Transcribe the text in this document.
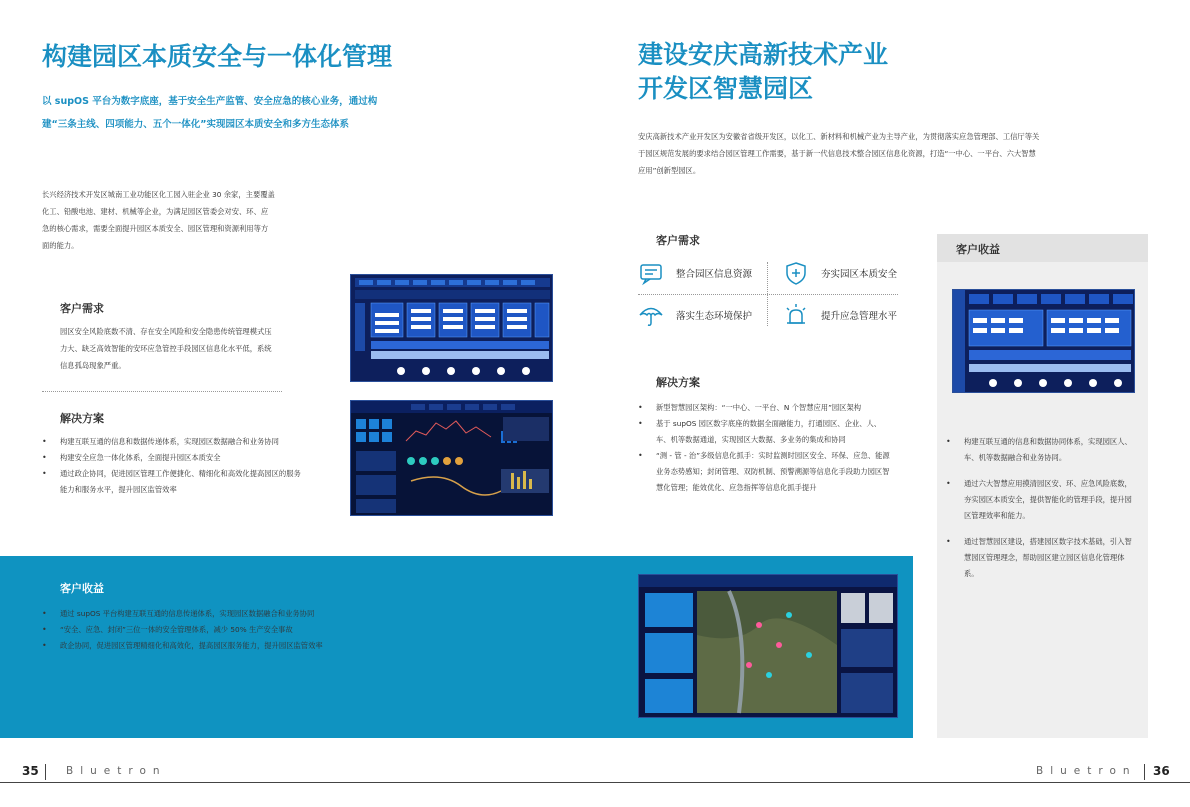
构建园区本质安全与一体化管理
以 supOS 平台为数字底座，基于安全生产监管、安全应急的核心业务，通过构
建“三条主线、四项能力、五个一体化”实现园区本质安全和多方生态体系
长兴经济技术开发区城南工业功能区化工园入驻企业 30 余家，主要覆盖
化工、铅酸电池、建材、机械等企业，为满足园区管委会对安、环、应
急的核心需求，需要全面提升园区本质安全、园区管理和资源利用等方
面的能力。
客户需求
园区安全风险底数不清、存在安全风险和安全隐患传统管理模式压
力大、缺乏高效智能的安环应急管控手段园区信息化水平低，系统
信息孤岛现象严重。
解决方案
• 构建互联互通的信息和数据传递体系，实现园区数据融合和业务协同
• 构建安全应急一体化体系，全面提升园区本质安全
• 通过政企协同，促进园区管理工作便捷化、精细化和高效化提高园区的服务能力和服务水平，提升园区监管效率
客户收益
• 通过 supOS 平台构建互联互通的信息传递体系，实现园区数据融合和业务协同
• “安全、应急、封闭”三位一体的安全管理体系，减少 50% 生产安全事故
• 政企协同，促进园区管理精细化和高效化，提高园区服务能力，提升园区监管效率
建设安庆高新技术产业
开发区智慧园区
安庆高新技术产业开发区为安徽省省级开发区，以化工、新材料和机械产业为主导产业，为贯彻落实应急管理部、工信厅等关
于园区规范发展的要求结合园区管理工作需要，基于新一代信息技术整合园区信息化资源，打造“一中心、一平台、六大智慧
应用”创新型园区。
客户需求
整合园区信息资源	夯实园区本质安全
落实生态环境保护	提升应急管理水平
解决方案
• 新型智慧园区架构：“一中心、一平台、N 个智慧应用”园区架构
• 基于 supOS 园区数字底座的数据全面融能力，打通园区、企业、人、车、机等数据通道，实现园区大数据、多业务的集成和协同
• “测 - 管 - 治”多级信息化抓手：实时监测时园区安全、环保、应急、能源业务态势感知；封闭管理、双防机制、预警溯源等信息化手段助力园区智慧化管理；能效优化、应急指挥等信息化抓手提升
客户收益
• 构建互联互通的信息和数据协同体系，实现园区人、车、机等数据融合和业务协同。
• 通过六大智慧应用摸清园区安、环、应急风险底数，夯实园区本质安全，提供智能化的管理手段，提升园区管理效率和能力。
• 通过智慧园区建设，搭建园区数字技术基础，引入智慧园区管理理念，帮助园区建立园区信息化管理体系。
35	Bluetron	Bluetron 36
